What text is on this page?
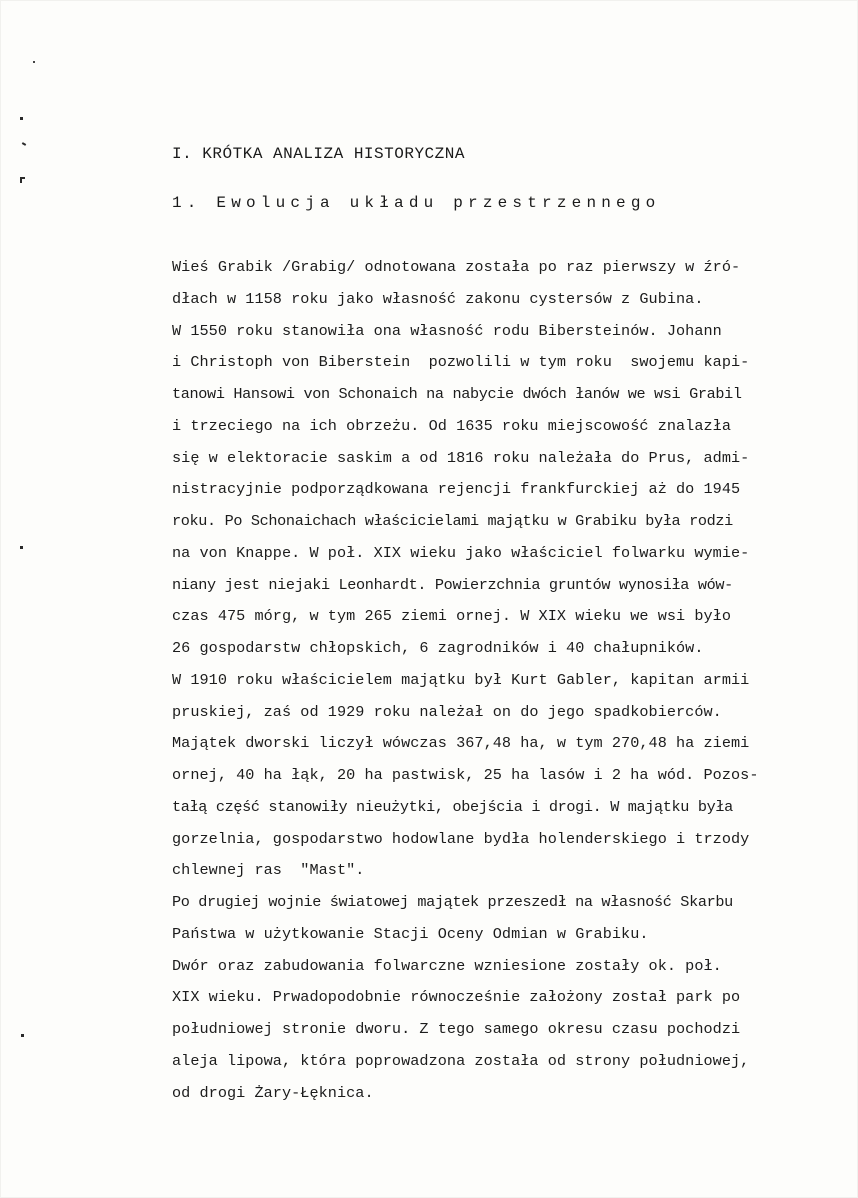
I. KRÓTKA ANALIZA HISTORYCZNA
1. Ewolucja układu przestrzennego
Wieś Grabik /Grabig/ odnotowana została po raz pierwszy w źró-
dłach w 1158 roku jako własność zakonu cystersów z Gubina.
W 1550 roku stanowiła ona własność rodu Bibersteinów. Johann
i Christoph von Biberstein  pozwolili w tym roku  swojemu kapi-
tanowi Hansowi von Schonaich na nabycie dwóch łanów we wsi Grabil
i trzeciego na ich obrzeżu. Od 1635 roku miejscowość znalazła
się w elektoracie saskim a od 1816 roku należała do Prus, admi-
nistracyjnie podporządkowana rejencji frankfurckiej aż do 1945
roku. Po Schonaichach właścicielami majątku w Grabiku była rodzi
na von Knappe. W poł. XIX wieku jako właściciel folwarku wymie-
niany jest niejaki Leonhardt. Powierzchnia gruntów wynosiła wów-
czas 475 mórg, w tym 265 ziemi ornej. W XIX wieku we wsi było
26 gospodarstw chłopskich, 6 zagrodników i 40 chałupników.
W 1910 roku właścicielem majątku był Kurt Gabler, kapitan armii
pruskiej, zaś od 1929 roku należał on do jego spadkobierców.
Majątek dworski liczył wówczas 367,48 ha, w tym 270,48 ha ziemi
ornej, 40 ha łąk, 20 ha pastwisk, 25 ha lasów i 2 ha wód. Pozos-
tałą część stanowiły nieużytki, obejścia i drogi. W majątku była
gorzelnia, gospodarstwo hodowlane bydła holenderskiego i trzody
chlewnej ras  "Mast".
Po drugiej wojnie światowej majątek przeszedł na własność Skarbu
Państwa w użytkowanie Stacji Oceny Odmian w Grabiku.
Dwór oraz zabudowania folwarczne wzniesione zostały ok. poł.
XIX wieku. Prwadopodobnie równocześnie założony został park po
południowej stronie dworu. Z tego samego okresu czasu pochodzi
aleja lipowa, która poprowadzona została od strony południowej,
od drogi Żary-Łęknica.
